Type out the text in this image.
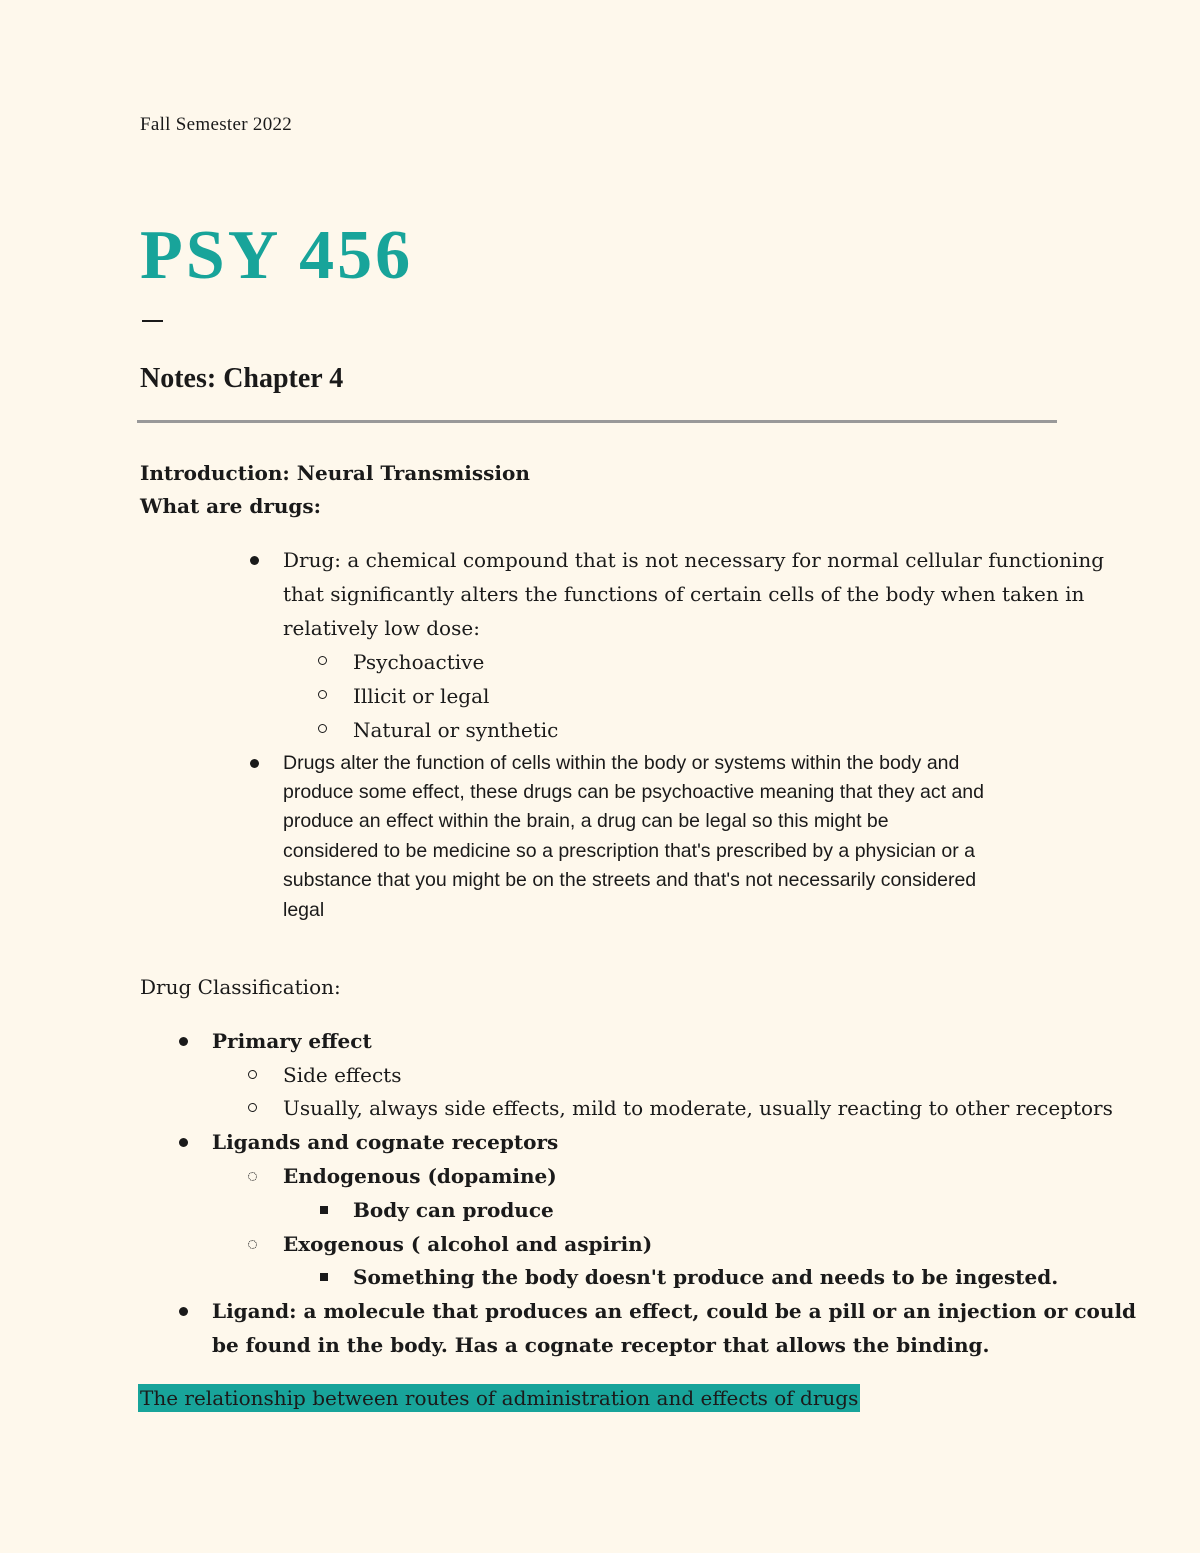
Fall Semester 2022
PSY 456
Notes: Chapter 4
Introduction: Neural Transmission
What are drugs:
Drug: a chemical compound that is not necessary for normal cellular functioning
that significantly alters the functions of certain cells of the body when taken in
relatively low dose:
Psychoactive
Illicit or legal
Natural or synthetic
Drugs alter the function of cells within the body or systems within the body and
produce some effect, these drugs can be psychoactive meaning that they act and
produce an effect within the brain, a drug can be legal so this might be
considered to be medicine so a prescription that's prescribed by a physician or a
substance that you might be on the streets and that's not necessarily considered
legal
Drug Classification:
Primary effect
Side effects
Usually, always side effects, mild to moderate, usually reacting to other receptors
Ligands and cognate receptors
Endogenous (dopamine)
Body can produce
Exogenous ( alcohol and aspirin)
Something the body doesn't produce and needs to be ingested.
Ligand: a molecule that produces an effect, could be a pill or an injection or could
be found in the body. Has a cognate receptor that allows the binding.
The relationship between routes of administration and effects of drugs
